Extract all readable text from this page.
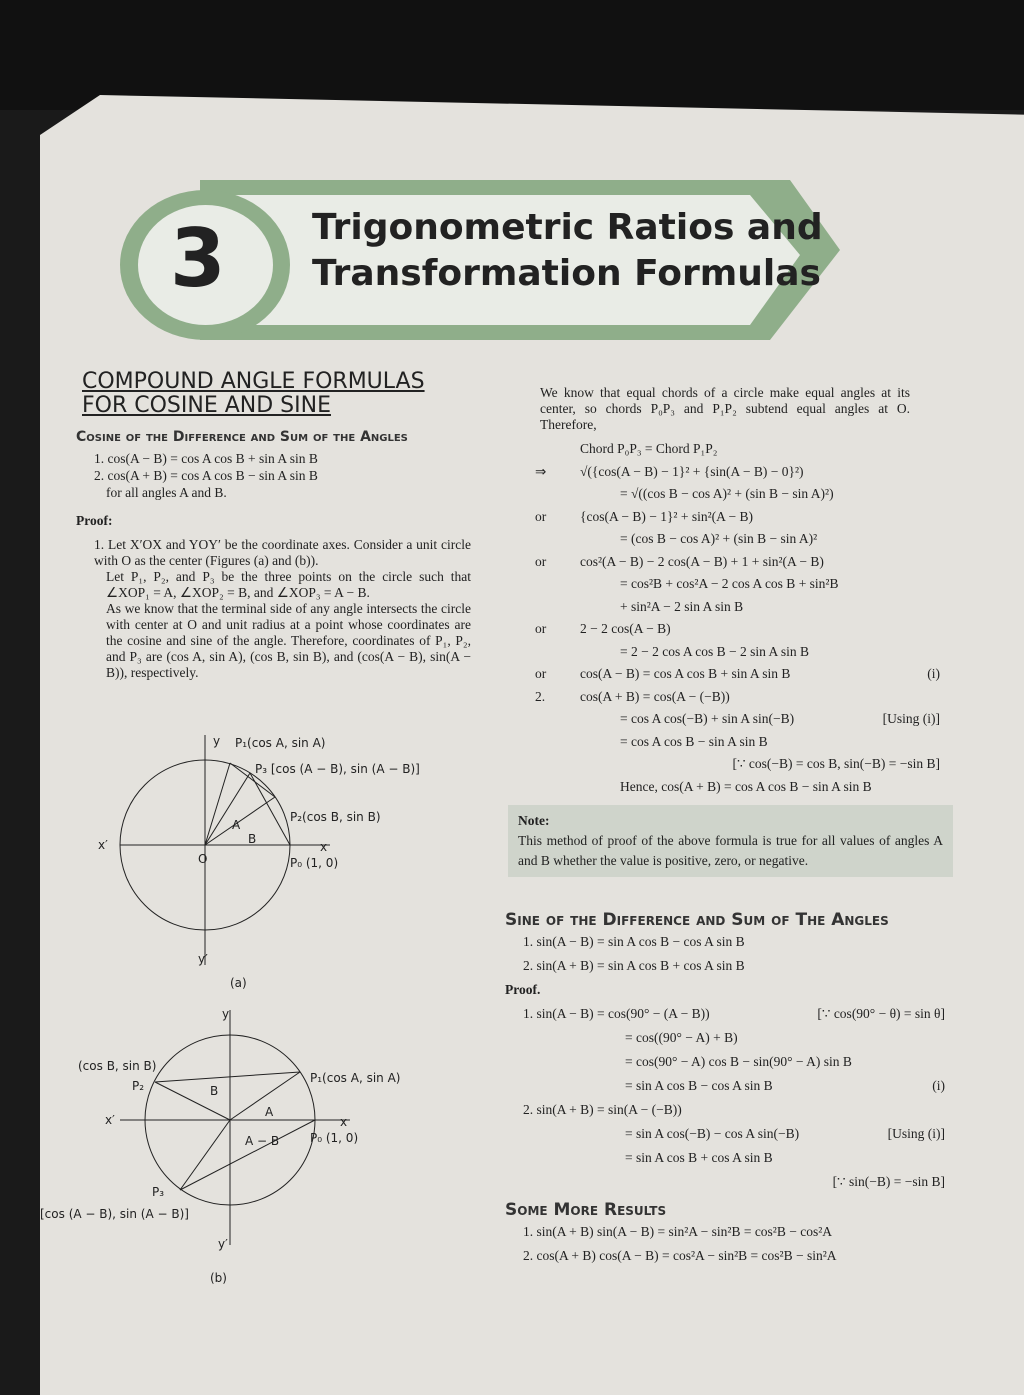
3 Trigonometric Ratios and
Transformation Formulas
COMPOUND ANGLE FORMULAS
FOR COSINE AND SINE
Cosine of the Difference and Sum of the Angles
1. cos(A − B) = cos A cos B + sin A sin B
2. cos(A + B) = cos A cos B − sin A sin B
for all angles A and B.
Proof:
1. Let X′OX and YOY′ be the coordinate axes. Consider a unit circle with O as the center (Figures (a) and (b)).
Let P₁, P₂, and P₃ be the three points on the circle such that ∠XOP₁ = A, ∠XOP₂ = B, and ∠XOP₃ = A − B.
As we know that the terminal side of any angle intersects the circle with center at O and unit radius at a point whose coordinates are the cosine and sine of the angle. Therefore, coordinates of P₁, P₂, and P₃ are (cos A, sin A), (cos B, sin B), and (cos(A − B), sin(A − B)), respectively.
y P₁(cos A, sin A)
P₃ [cos (A − B), sin (A − B)]
P₂(cos B, sin B)
x′
O
x
P₀ (1, 0)
A
B
y′
(a)
y
(cos B, sin B)
P₂	B
P₁(cos A, sin A)
x′
A
x
A − B	P₀ (1, 0)
P₃
[cos (A − B), sin (A − B)]
y′
(b)
We know that equal chords of a circle make equal angles at its center, so chords P₀P₃ and P₁P₂ subtend equal angles at O. Therefore,
Chord P₀P₃ = Chord P₁P₂
⇒	√({cos(A − B) − 1}² + {sin(A − B) − 0}²)
= √((cos B − cos A)² + (sin B − sin A)²)
or	{cos(A − B) − 1}² + sin²(A − B)
= (cos B − cos A)² + (sin B − sin A)²
or	cos²(A − B) − 2 cos(A − B) + 1 + sin²(A − B)
= cos²B + cos²A − 2 cos A cos B + sin²B
+ sin²A − 2 sin A sin B
or	2 − 2 cos(A − B)
= 2 − 2 cos A cos B − 2 sin A sin B
or	cos(A − B) = cos A cos B + sin A sin B	(i)
2.	cos(A + B) = cos(A − (−B))
= cos A cos(−B) + sin A sin(−B)	[Using (i)]
= cos A cos B − sin A sin B
[∵ cos(−B) = cos B, sin(−B) = −sin B]
Hence, cos(A + B) = cos A cos B − sin A sin B
Note:
This method of proof of the above formula is true for all values of angles A and B whether the value is positive, zero, or negative.
Sine of the Difference and Sum of The Angles
1. sin(A − B) = sin A cos B − cos A sin B
2. sin(A + B) = sin A cos B + cos A sin B
Proof.
1. sin(A − B) = cos(90° − (A − B))	[∵ cos(90° − θ) = sin θ]
= cos((90° − A) + B)
= cos(90° − A) cos B − sin(90° − A) sin B
= sin A cos B − cos A sin B	(i)
2. sin(A + B) = sin(A − (−B))
= sin A cos(−B) − cos A sin(−B)	[Using (i)]
= sin A cos B + cos A sin B
[∵ sin(−B) = −sin B]
Some More Results
1. sin(A + B) sin(A − B) = sin²A − sin²B = cos²B − cos²A
2. cos(A + B) cos(A − B) = cos²A − sin²B = cos²B − sin²A
